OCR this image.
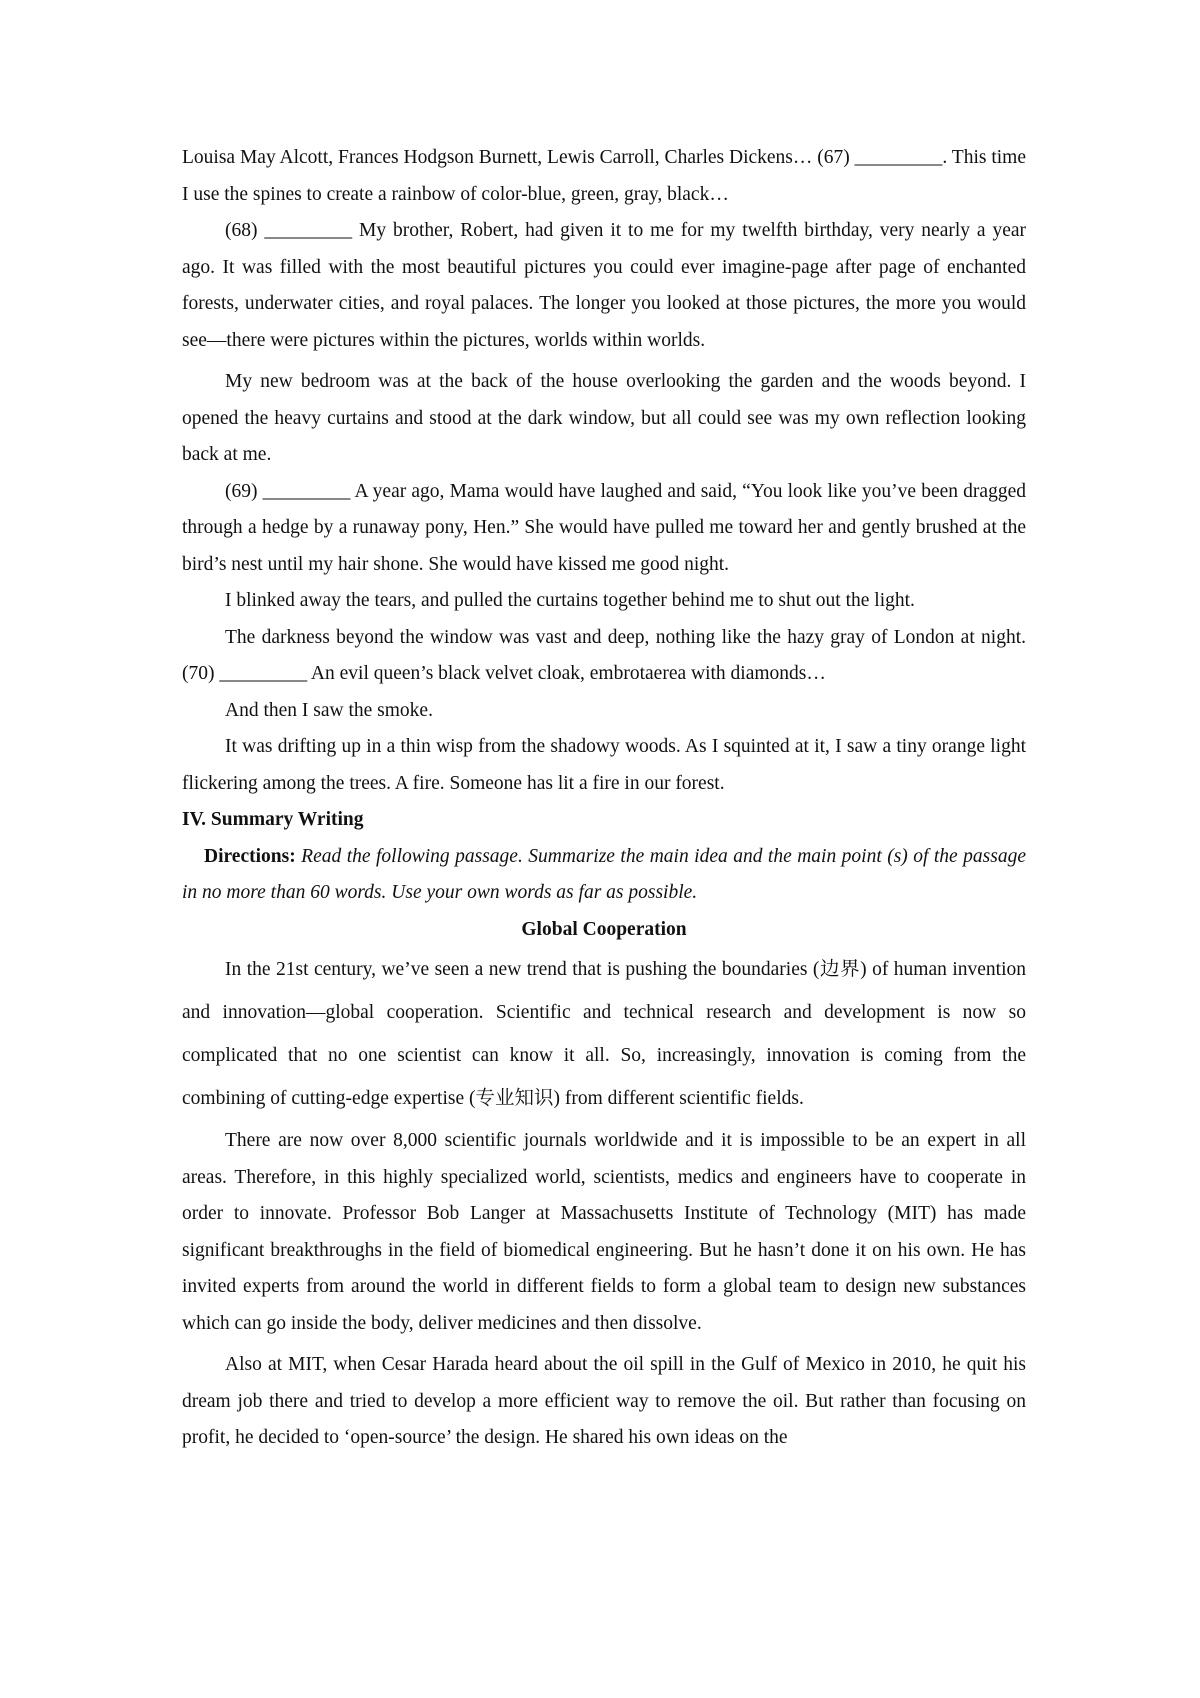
Louisa May Alcott, Frances Hodgson Burnett, Lewis Carroll, Charles Dickens… (67) _________. This time I use the spines to create a rainbow of color-blue, green, gray, black…

(68) _________ My brother, Robert, had given it to me for my twelfth birthday, very nearly a year ago. It was filled with the most beautiful pictures you could ever imagine-page after page of enchanted forests, underwater cities, and royal palaces. The longer you looked at those pictures, the more you would see—there were pictures within the pictures, worlds within worlds.

My new bedroom was at the back of the house overlooking the garden and the woods beyond. I opened the heavy curtains and stood at the dark window, but all could see was my own reflection looking back at me.

(69) _________ A year ago, Mama would have laughed and said, “You look like you’ve been dragged through a hedge by a runaway pony, Hen.” She would have pulled me toward her and gently brushed at the bird’s nest until my hair shone. She would have kissed me good night.

I blinked away the tears, and pulled the curtains together behind me to shut out the light.

The darkness beyond the window was vast and deep, nothing like the hazy gray of London at night. (70) _________ An evil queen’s black velvet cloak, embrotaerea with diamonds…

And then I saw the smoke.

It was drifting up in a thin wisp from the shadowy woods. As I squinted at it, I saw a tiny orange light flickering among the trees. A fire. Someone has lit a fire in our forest.

IV. Summary Writing

Directions: Read the following passage. Summarize the main idea and the main point (s) of the passage in no more than 60 words. Use your own words as far as possible.

Global Cooperation

In the 21st century, we’ve seen a new trend that is pushing the boundaries (边界) of human invention and innovation—global cooperation. Scientific and technical research and development is now so complicated that no one scientist can know it all. So, increasingly, innovation is coming from the combining of cutting-edge expertise (专业知识) from different scientific fields.

There are now over 8,000 scientific journals worldwide and it is impossible to be an expert in all areas. Therefore, in this highly specialized world, scientists, medics and engineers have to cooperate in order to innovate. Professor Bob Langer at Massachusetts Institute of Technology (MIT) has made significant breakthroughs in the field of biomedical engineering. But he hasn’t done it on his own. He has invited experts from around the world in different fields to form a global team to design new substances which can go inside the body, deliver medicines and then dissolve.

Also at MIT, when Cesar Harada heard about the oil spill in the Gulf of Mexico in 2010, he quit his dream job there and tried to develop a more efficient way to remove the oil. But rather than focusing on profit, he decided to ‘open-source’ the design. He shared his own ideas on the
